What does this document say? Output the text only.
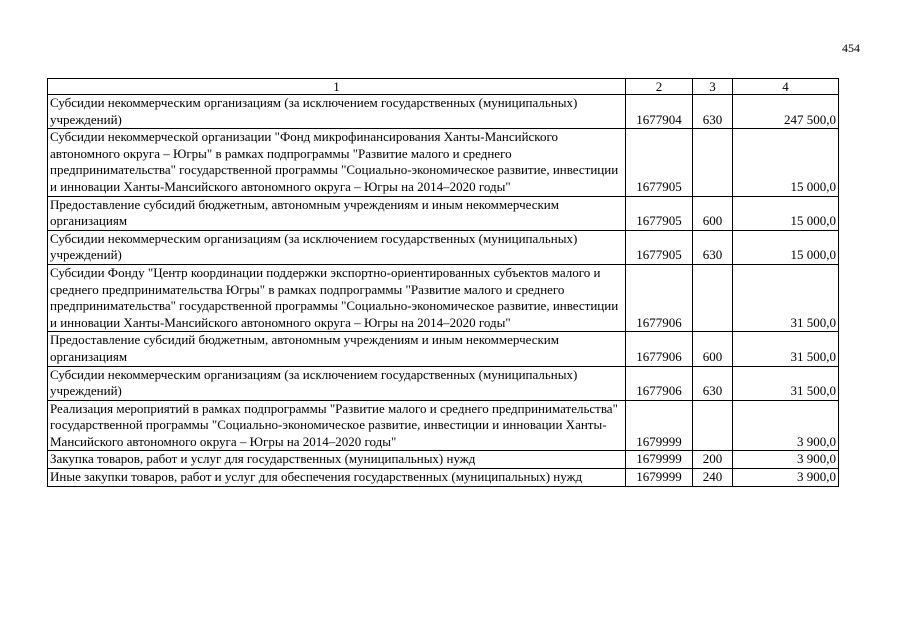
454
1	2	3	4
Субсидии некоммерческим организациям (за исключением государственных (муниципальных) учреждений)	1677904	630	247 500,0
Субсидии некоммерческой организации "Фонд микрофинансирования Ханты-Мансийского автономного округа – Югры" в рамках подпрограммы "Развитие малого и среднего предпринимательства" государственной программы "Социально-экономическое развитие, инвестиции и инновации Ханты-Мансийского автономного округа – Югры на 2014–2020 годы"	1677905		15 000,0
Предоставление субсидий бюджетным, автономным учреждениям и иным некоммерческим организациям	1677905	600	15 000,0
Субсидии некоммерческим организациям (за исключением государственных (муниципальных) учреждений)	1677905	630	15 000,0
Субсидии Фонду "Центр координации поддержки экспортно-ориентированных субъектов малого и среднего предпринимательства Югры" в рамках подпрограммы "Развитие малого и среднего предпринимательства" государственной программы "Социально-экономическое развитие, инвестиции и инновации Ханты-Мансийского автономного округа – Югры на 2014–2020 годы"	1677906		31 500,0
Предоставление субсидий бюджетным, автономным учреждениям и иным некоммерческим организациям	1677906	600	31 500,0
Субсидии некоммерческим организациям (за исключением государственных (муниципальных) учреждений)	1677906	630	31 500,0
Реализация мероприятий в рамках подпрограммы "Развитие малого и среднего предпринимательства" государственной программы "Социально-экономическое развитие, инвестиции и инновации Ханты-Мансийского автономного округа – Югры на 2014–2020 годы"	1679999		3 900,0
Закупка товаров, работ и услуг для государственных (муниципальных) нужд	1679999	200	3 900,0
Иные закупки товаров, работ и услуг для обеспечения государственных (муниципальных) нужд	1679999	240	3 900,0
